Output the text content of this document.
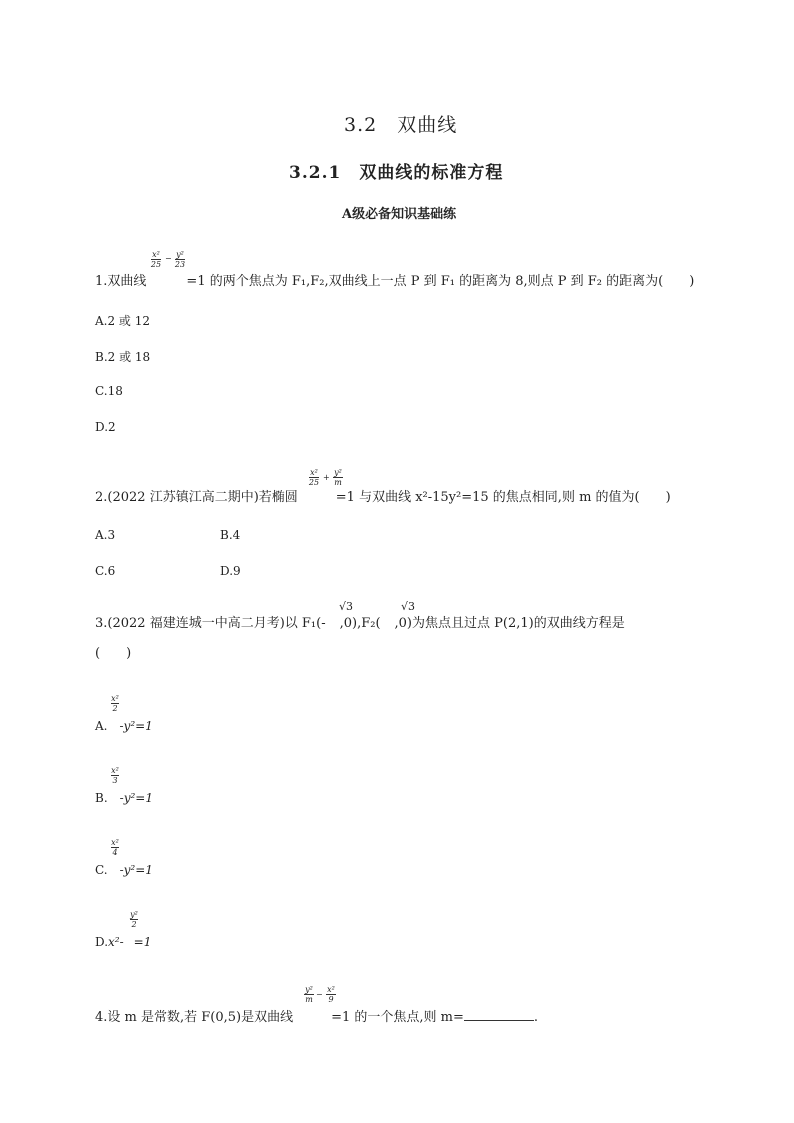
3.2　双曲线
3.2.1　双曲线的标准方程
A级必备知识基础练
x²
25
− y²
23
1.双曲线	=1 的两个焦点为 F₁,F₂,双曲线上一点 P 到 F₁ 的距离为 8,则点 P 到 F₂ 的距离为(　　)
A.2 或 12
B.2 或 18
C.18
D.2
x²
25
+
y²
m
2.(2022 江苏镇江高二期中)若椭圆	=1 与双曲线 x²-15y²=15 的焦点相同,则 m 的值为(　　)
A.3	B.4
C.6	D.9
√3	√3
3.(2022 福建连城一中高二月考)以 F₁(- ,0),F₂( ,0)为焦点且过点 P(2,1)的双曲线方程是
(　　)
x²
2
A. -y²=1
x²
3
B. -y²=1
x²
4
C. -y²=1
y²
2
D.x²- =1
y²
m
−
x²
9
4.设 m 是常数,若 F(0,5)是双曲线	=1 的一个焦点,则 m=	.
